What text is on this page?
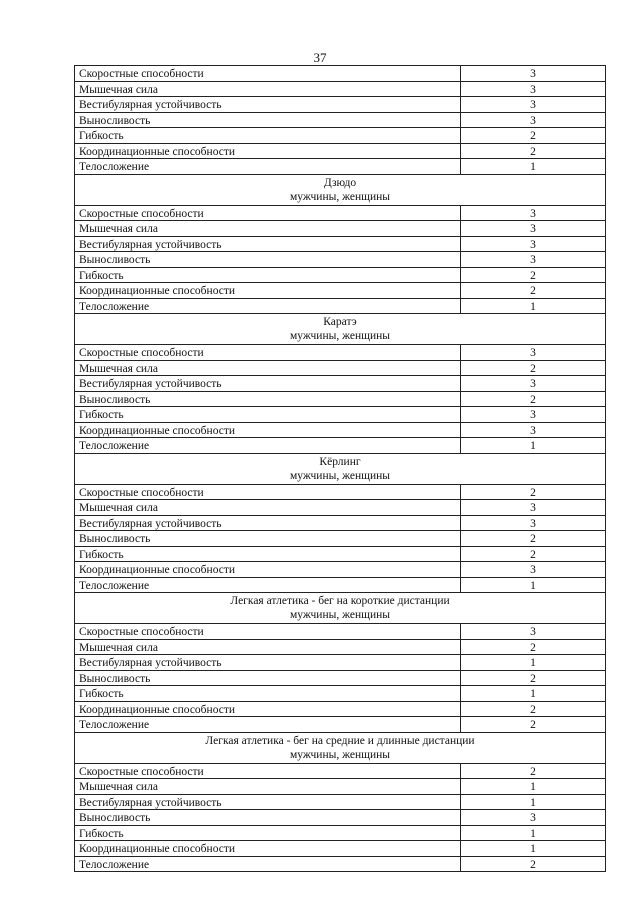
37
Скоростные способности	3
Мышечная сила	3
Вестибулярная устойчивость	3
Выносливость	3
Гибкость	2
Координационные способности	2
Телосложение	1

Дзюдо
мужчины, женщины	

Скоростные способности	3
Мышечная сила	3
Вестибулярная устойчивость	3
Выносливость	3
Гибкость	2
Координационные способности	2
Телосложение	1

Каратэ
мужчины, женщины	

Скоростные способности	3
Мышечная сила	2
Вестибулярная устойчивость	3
Выносливость	2
Гибкость	3
Координационные способности	3
Телосложение	1

Кёрлинг
мужчины, женщины	

Скоростные способности	2
Мышечная сила	3
Вестибулярная устойчивость	3
Выносливость	2
Гибкость	2
Координационные способности	3
Телосложение	1

Легкая атлетика - бег на короткие дистанции
мужчины, женщины	

Скоростные способности	3
Мышечная сила	2
Вестибулярная устойчивость	1
Выносливость	2
Гибкость	1
Координационные способности	2
Телосложение	2

Легкая атлетика - бег на средние и длинные дистанции
мужчины, женщины	

Скоростные способности	2
Мышечная сила	1
Вестибулярная устойчивость	1
Выносливость	3
Гибкость	1
Координационные способности	1
Телосложение	2
